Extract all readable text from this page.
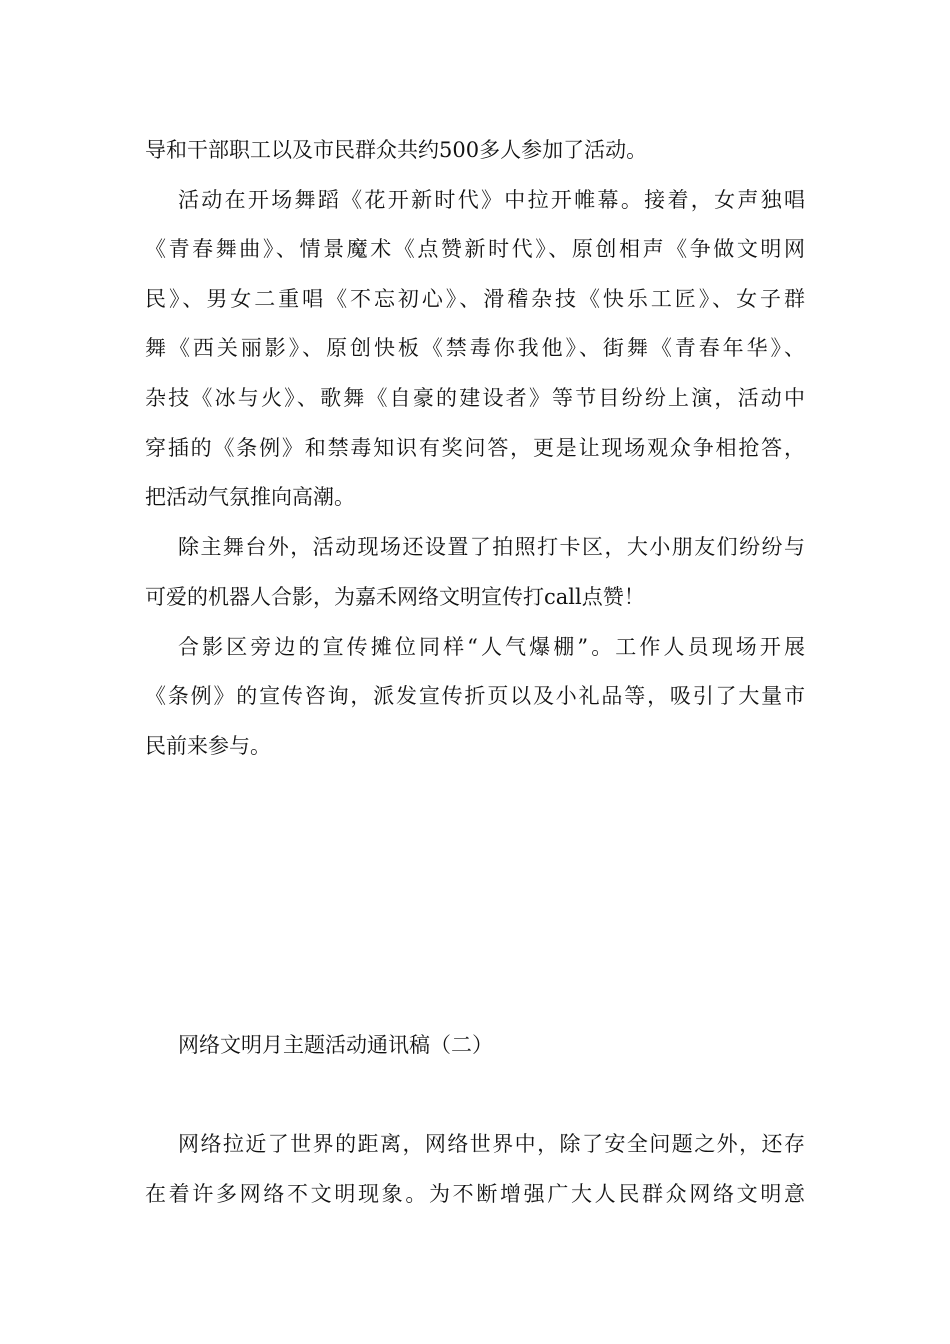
导和干部职工以及市民群众共约500多人参加了活动。

活动在开场舞蹈《花开新时代》中拉开帷幕。接着，女声独唱

《青春舞曲》、情景魔术《点赞新时代》、原创相声《争做文明网

民》、男女二重唱《不忘初心》、滑稽杂技《快乐工匠》、女子群

舞《西关丽影》、原创快板《禁毒你我他》、街舞《青春年华》、

杂技《冰与火》、歌舞《自豪的建设者》等节目纷纷上演，活动中

穿插的《条例》和禁毒知识有奖问答，更是让现场观众争相抢答，

把活动气氛推向高潮。

除主舞台外，活动现场还设置了拍照打卡区，大小朋友们纷纷与

可爱的机器人合影，为嘉禾网络文明宣传打call点赞！

合影区旁边的宣传摊位同样“人气爆棚”。工作人员现场开展

《条例》的宣传咨询，派发宣传折页以及小礼品等，吸引了大量市

民前来参与。

网络文明月主题活动通讯稿（二）

网络拉近了世界的距离，网络世界中，除了安全问题之外，还存

在着许多网络不文明现象。为不断增强广大人民群众网络文明意
